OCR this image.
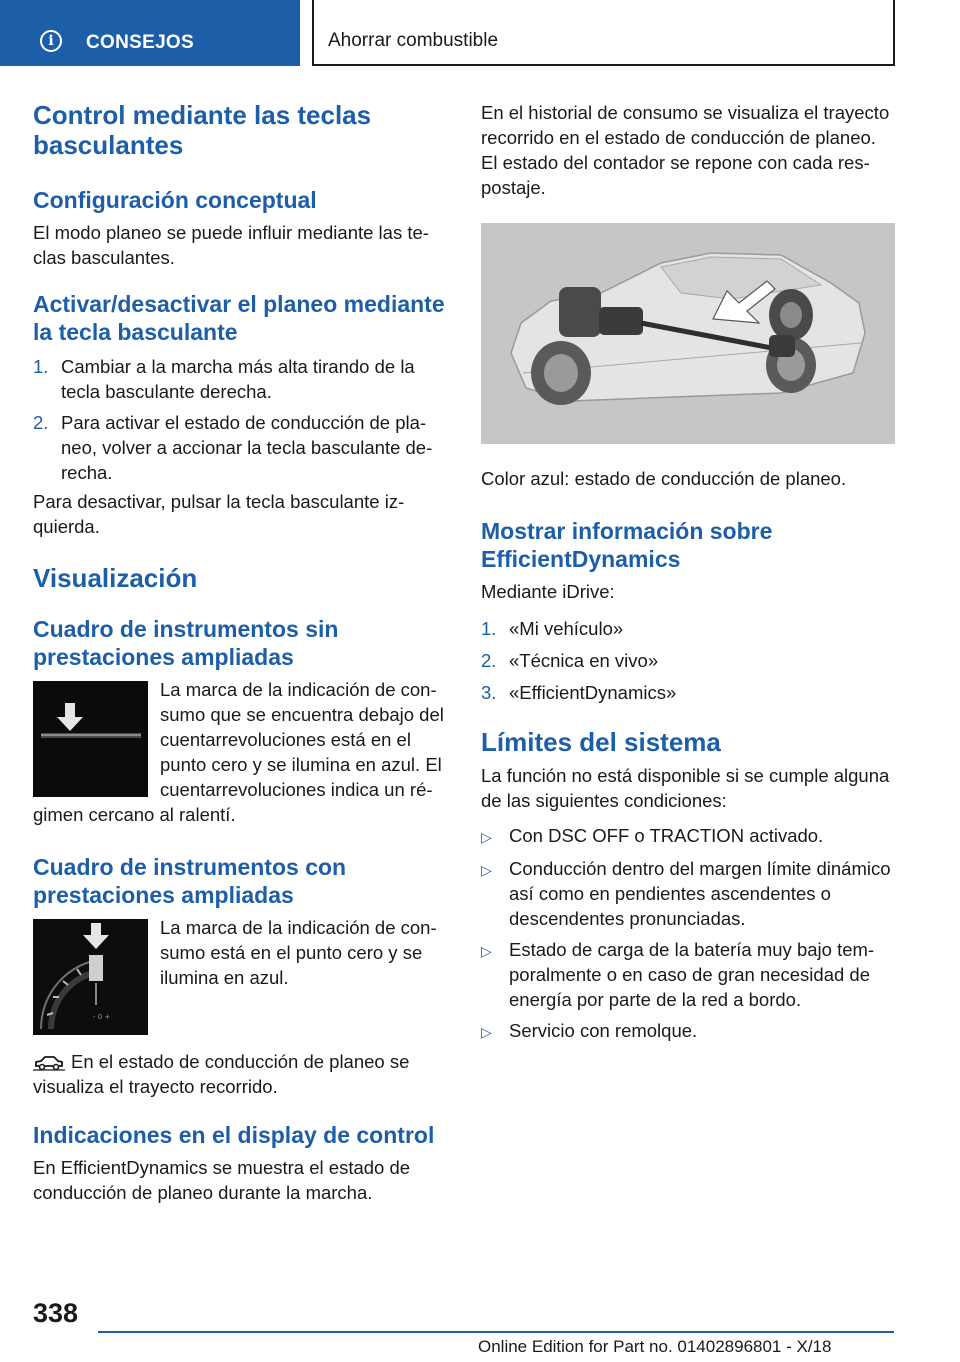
i	CONSEJOS	Ahorrar combustible
Control mediante las teclas basculantes
Configuración conceptual

El modo planeo se puede influir mediante las teclas basculantes.

Activar/desactivar el planeo mediante la tecla basculante
1. Cambiar a la marcha más alta tirando de la tecla basculante derecha.
2. Para activar el estado de conducción de planeo, volver a accionar la tecla basculante derecha.

Para desactivar, pulsar la tecla basculante izquierda.

Visualización
Cuadro de instrumentos sin prestaciones ampliadas

La marca de la indicación de consumo que se encuentra debajo del cuentarrevoluciones está en el punto cero y se ilumina en azul. El cuentarrevoluciones indica un régimen cercano al ralentí.

Cuadro de instrumentos con prestaciones ampliadas
- 0 +

La marca de la indicación de consumo está en el punto cero y se ilumina en azul.

En el estado de conducción de planeo se visualiza el trayecto recorrido.

Indicaciones en el display de control

En EfficientDynamics se muestra el estado de conducción de planeo durante la marcha.

En el historial de consumo se visualiza el trayecto recorrido en el estado de conducción de planeo. El estado del contador se repone con cada respostaje.

Color azul: estado de conducción de planeo.

Mostrar información sobre EfficientDynamics

Mediante iDrive:

1. «Mi vehículo»
2. «Técnica en vivo»
3. «EfficientDynamics»
Límites del sistema

La función no está disponible si se cumple alguna de las siguientes condiciones:

▷ Con DSC OFF o TRACTION activado.
▷ Conducción dentro del margen límite dinámico así como en pendientes ascendentes o descendentes pronunciadas.
▷ Estado de carga de la batería muy bajo temporalmente o en caso de gran necesidad de energía por parte de la red a bordo.
▷ Servicio con remolque.
338
Online Edition for Part no. 01402896801 - X/18
